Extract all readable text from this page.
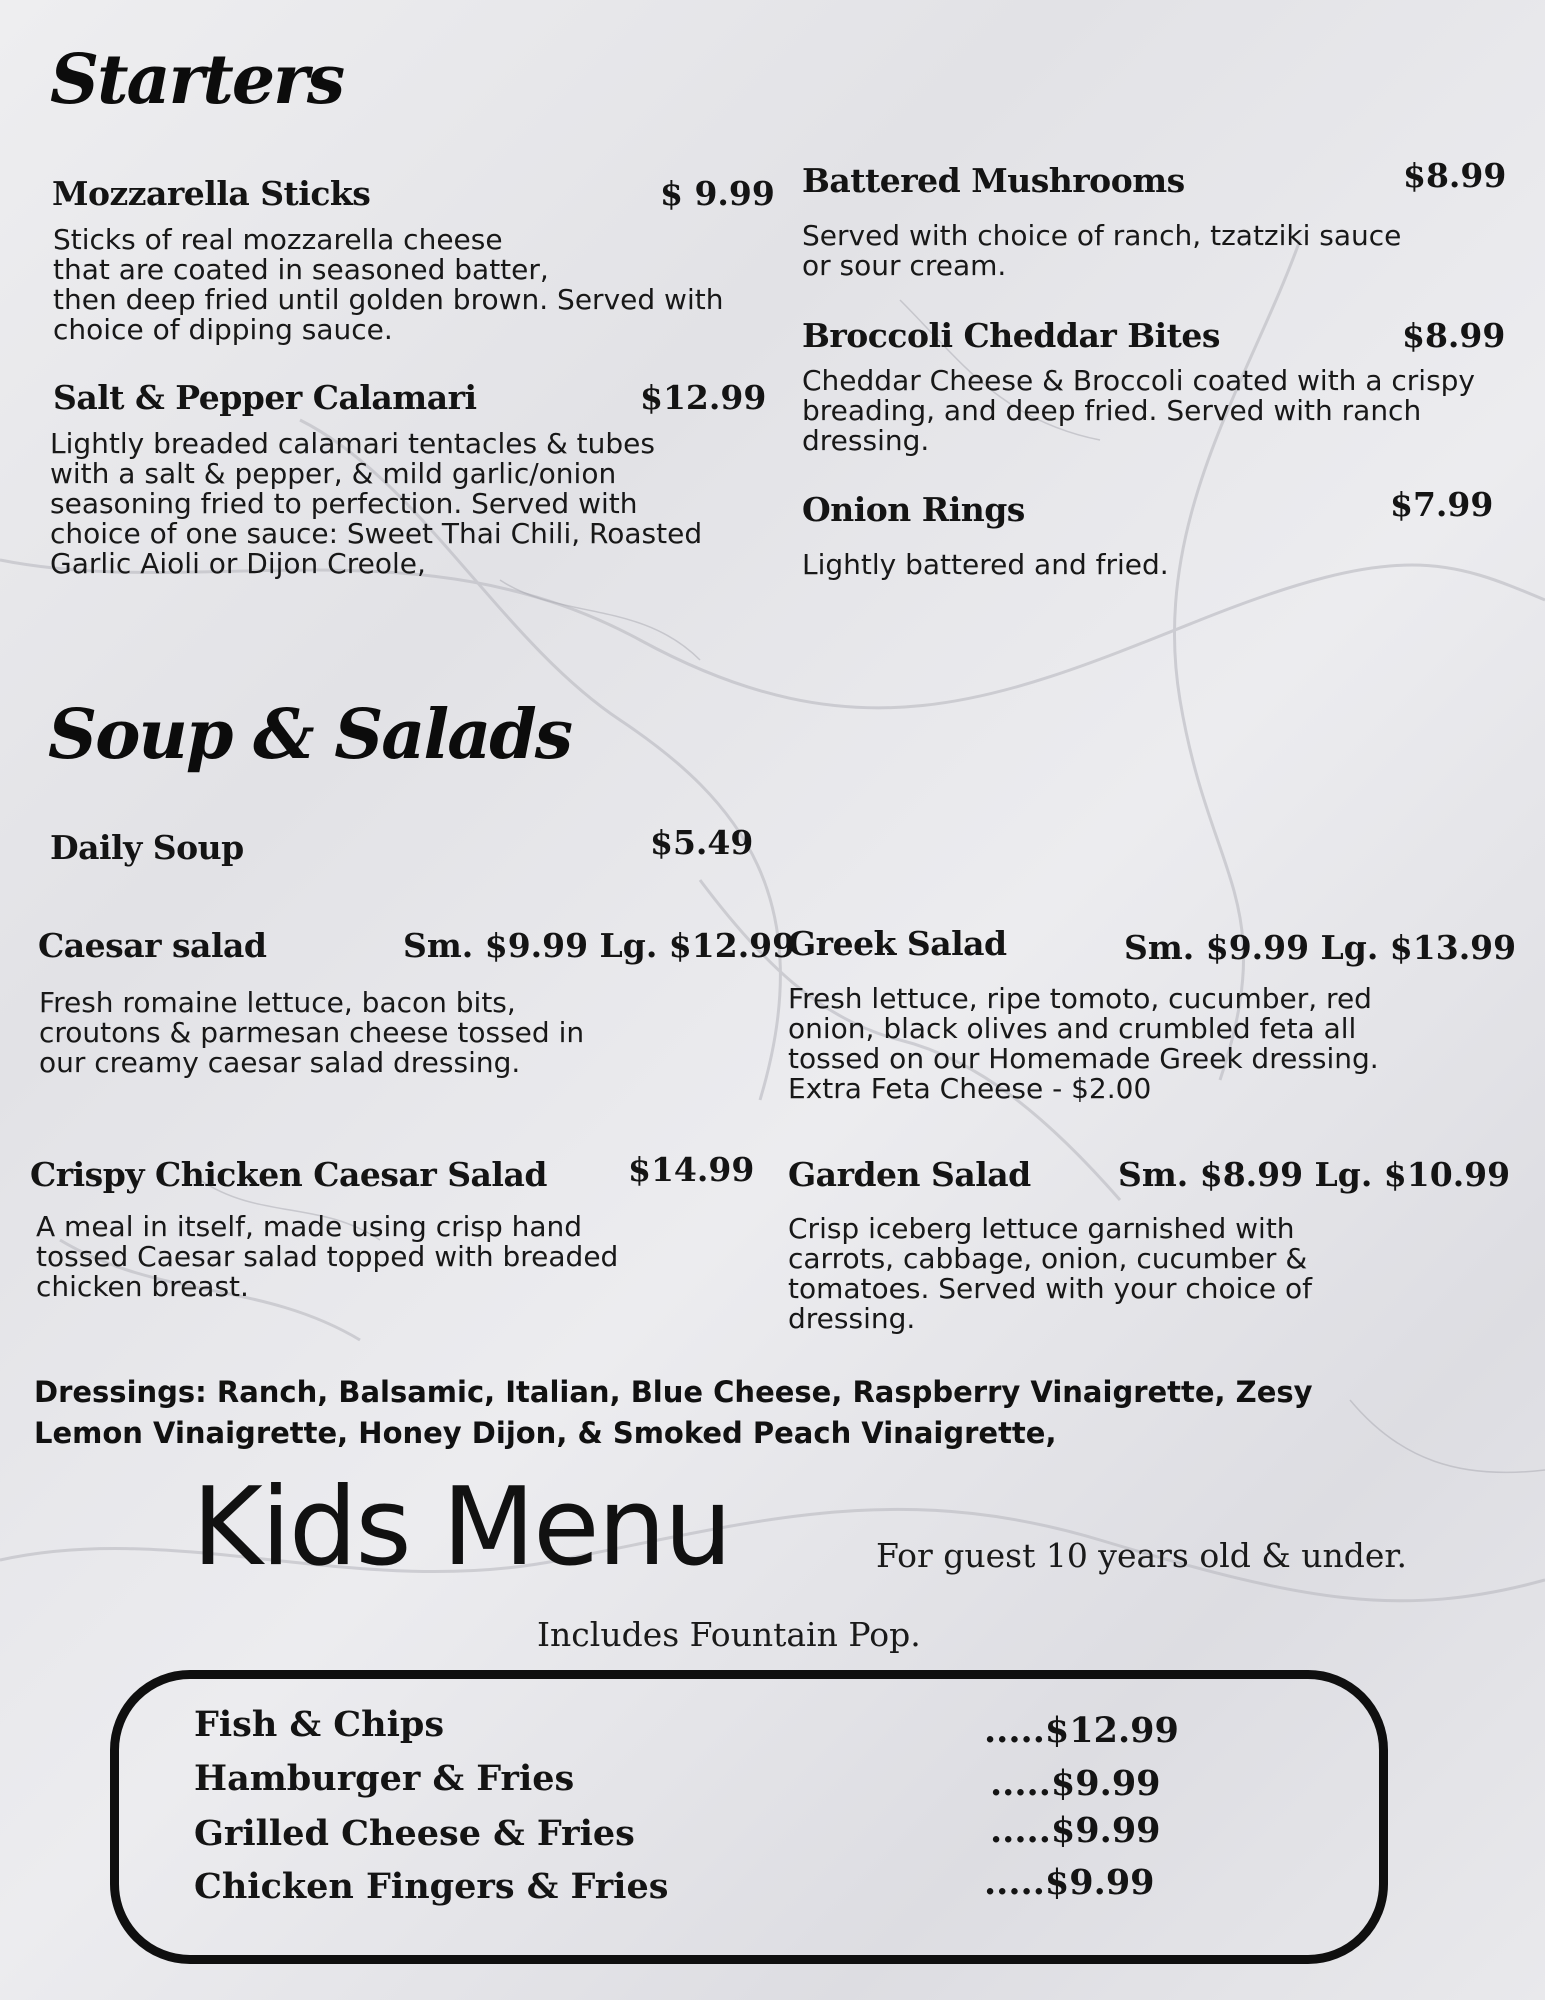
Starters
Mozzarella Sticks	$ 9.99
Sticks of real mozzarella cheese
that are coated in seasoned batter,
then deep fried until golden brown. Served with
choice of dipping sauce.
Salt & Pepper Calamari	$12.99
Lightly breaded calamari tentacles & tubes
with a salt & pepper, & mild garlic/onion
seasoning fried to perfection. Served with
choice of one sauce: Sweet Thai Chili, Roasted
Garlic Aioli or Dijon Creole,
Battered Mushrooms	$8.99
Served with choice of ranch, tzatziki sauce
or sour cream.
Broccoli Cheddar Bites	$8.99
Cheddar Cheese & Broccoli coated with a crispy
breading, and deep fried. Served with ranch
dressing.
Onion Rings	$7.99
Lightly battered and fried.
Soup & Salads
Daily Soup	$5.49
Caesar salad	Sm. $9.99 Lg. $12.99
Fresh romaine lettuce, bacon bits,
croutons & parmesan cheese tossed in
our creamy caesar salad dressing.
Greek Salad	Sm. $9.99 Lg. $13.99
Fresh lettuce, ripe tomoto, cucumber, red
onion, black olives and crumbled feta all
tossed on our Homemade Greek dressing.
Extra Feta Cheese - $2.00
Crispy Chicken Caesar Salad $14.99
A meal in itself, made using crisp hand
tossed Caesar salad topped with breaded
chicken breast.
Garden Salad	Sm. $8.99 Lg. $10.99
Crisp iceberg lettuce garnished with
carrots, cabbage, onion, cucumber &
tomatoes. Served with your choice of
dressing.
Dressings: Ranch, Balsamic, Italian, Blue Cheese, Raspberry Vinaigrette, Zesy Lemon Vinaigrette, Honey Dijon, & Smoked Peach Vinaigrette,
Kids Menu	For guest 10 years old & under.
Includes Fountain Pop.
Fish & Chips	.....$12.99
Hamburger & Fries	.....$9.99
Grilled Cheese & Fries	.....$9.99
Chicken Fingers & Fries	.....$9.99
